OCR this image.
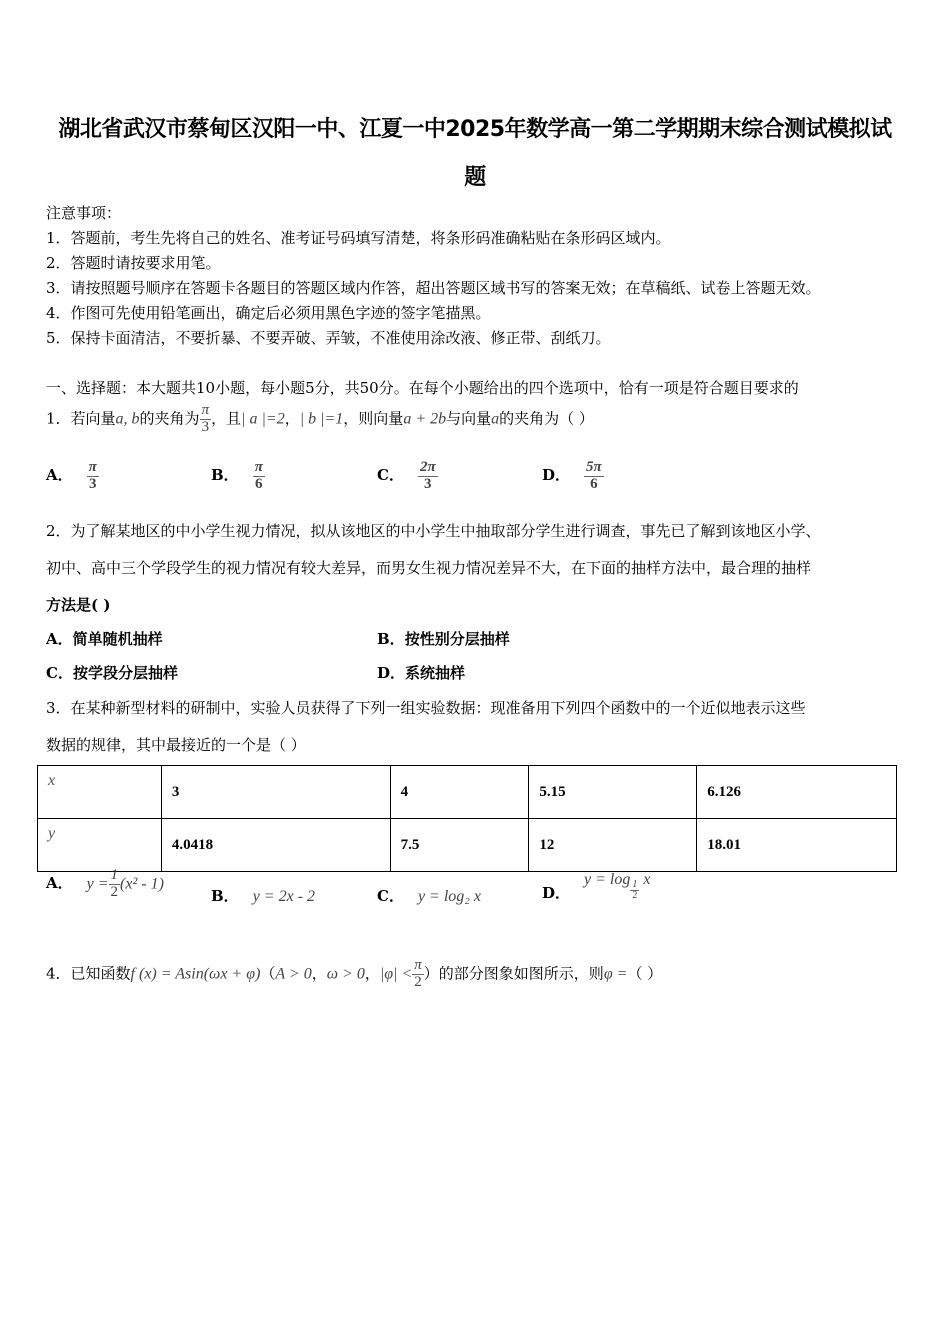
湖北省武汉市蔡甸区汉阳一中、江夏一中2025年数学高一第二学期期末综合测试模拟试
题
注意事项：
1．答题前，考生先将自己的姓名、准考证号码填写清楚，将条形码准确粘贴在条形码区域内。
2．答题时请按要求用笔。
3．请按照题号顺序在答题卡各题目的答题区域内作答，超出答题区域书写的答案无效；在草稿纸、试卷上答题无效。
4．作图可先使用铅笔画出，确定后必须用黑色字迹的签字笔描黑。
5．保持卡面清洁，不要折暴、不要弄破、弄皱，不准使用涂改液、修正带、刮纸刀。
一、选择题：本大题共10小题，每小题5分，共50分。在每个小题给出的四个选项中，恰有一项是符合题目要求的
1．若向量a, b的夹角为 $\frac{\pi}{3}$ ，且| a |=2，| b |=1，则向量a + 2b与向量a的夹角为（ ）
A． $\frac{\pi}{3}$	B． $\frac{\pi}{6}$	C． $\frac{2\pi}{3}$	D． $\frac{5\pi}{6}$
2．为了解某地区的中小学生视力情况，拟从该地区的中小学生中抽取部分学生进行调查，事先已了解到该地区小学、
初中、高中三个学段学生的视力情况有较大差异，而男女生视力情况差异不大，在下面的抽样方法中，最合理的抽样
方法是( )
A．简单随机抽样	B．按性别分层抽样
C．按学段分层抽样	D．系统抽样
3．在某种新型材料的研制中，实验人员获得了下列一组实验数据：现准备用下列四个函数中的一个近似地表示这些
数据的规律，其中最接近的一个是（ ）
x	3	4	5.15	6.126
y	4.0418	7.5	12	18.01
A． $y = \frac{1}{2} (x^2 - 1)$
B． y = 2x - 2	C． y = log₂ x	D．$y = \log \frac{1}{2}$ x
4．已知函数f (x) = Asin(ωx + φ)（A > 0，ω > 0，$|\varphi| < \frac{\pi}{2}$ ）的部分图象如图所示，则φ =（ ）
